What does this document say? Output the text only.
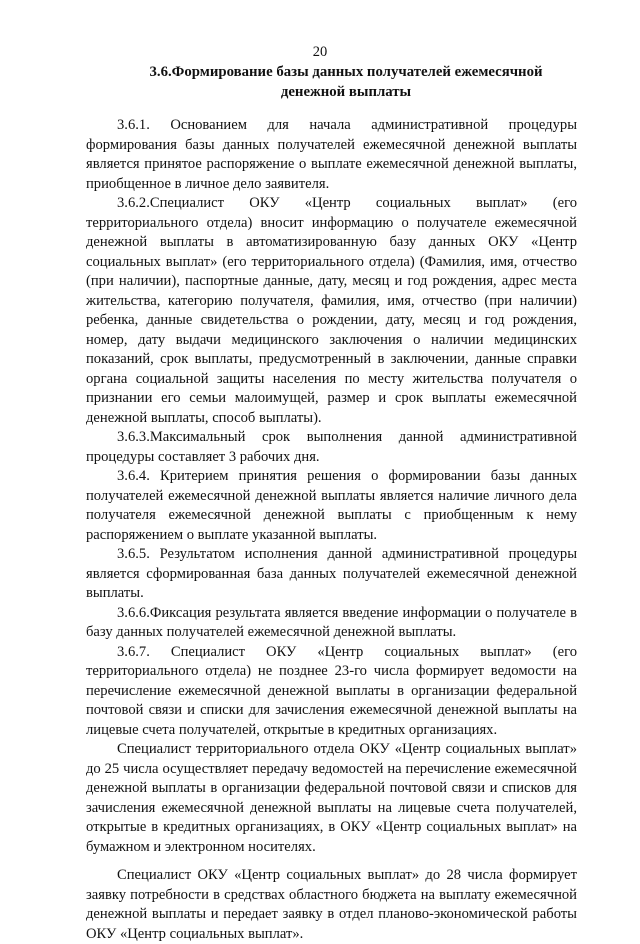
20
3.6.Формирование базы данных получателей ежемесячной
денежной выплаты

3.6.1. Основанием для начала административной процедуры формирования базы данных получателей ежемесячной денежной выплаты является принятое распоряжение о выплате ежемесячной денежной выплаты, приобщенное в личное дело заявителя.

3.6.2.Специалист ОКУ «Центр социальных выплат» (его территориального отдела) вносит информацию о получателе ежемесячной денежной выплаты в автоматизированную базу данных ОКУ «Центр социальных выплат» (его территориального отдела) (Фамилия, имя, отчество (при наличии), паспортные данные, дату, месяц и год рождения, адрес места жительства, категорию получателя, фамилия, имя, отчество (при наличии) ребенка, данные свидетельства о рождении, дату, месяц и год рождения, номер, дату выдачи медицинского заключения о наличии медицинских показаний, срок выплаты, предусмотренный в заключении, данные справки органа социальной защиты населения по месту жительства получателя о признании его семьи малоимущей, размер и срок выплаты ежемесячной денежной выплаты, способ выплаты).

3.6.3.Максимальный срок выполнения данной административной процедуры составляет 3 рабочих дня.

3.6.4. Критерием принятия решения о формировании базы данных получателей ежемесячной денежной выплаты является наличие личного дела получателя ежемесячной денежной выплаты с приобщенным к нему распоряжением о выплате указанной выплаты.

3.6.5. Результатом исполнения данной административной процедуры является сформированная база данных получателей ежемесячной денежной выплаты.

3.6.6.Фиксация результата является введение информации о получателе в базу данных получателей ежемесячной денежной выплаты.

3.6.7. Специалист ОКУ «Центр социальных выплат» (его территориального отдела) не позднее 23-го числа формирует ведомости на перечисление ежемесячной денежной выплаты в организации федеральной почтовой связи и списки для зачисления ежемесячной денежной выплаты на лицевые счета получателей, открытые в кредитных организациях.

Специалист территориального отдела ОКУ «Центр социальных выплат» до 25 числа осуществляет передачу ведомостей на перечисление ежемесячной денежной выплаты в организации федеральной почтовой связи и списков для зачисления ежемесячной денежной выплаты на лицевые счета получателей, открытые в кредитных организациях, в ОКУ «Центр социальных выплат» на бумажном и электронном носителях.

Специалист ОКУ «Центр социальных выплат» до 28 числа формирует заявку потребности в средствах областного бюджета на выплату ежемесячной денежной выплаты и передает заявку в отдел планово-экономической работы ОКУ «Центр социальных выплат».
